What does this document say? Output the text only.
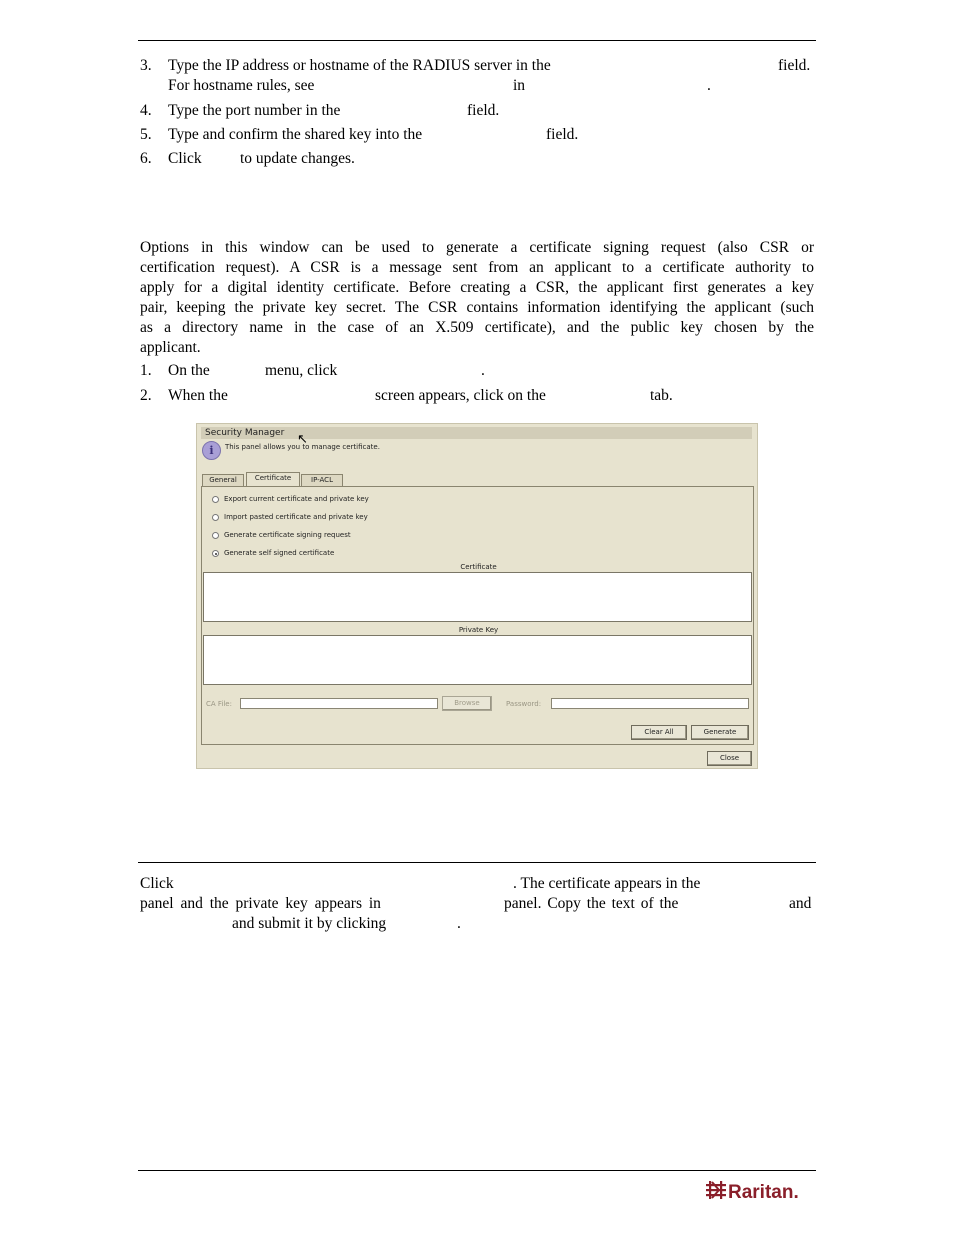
3. Type the IP address or hostname of the RADIUS server in the	field.
For hostname rules, see	in	.
4. Type the port number in the	field.
5. Type and confirm the shared key into the	field.
6. Click to update changes.
Options in this window can be used to generate a certificate signing request (also CSR or
certification request). A CSR is a message sent from an applicant to a certificate authority to
apply for a digital identity certificate. Before creating a CSR, the applicant first generates a key
pair, keeping the private key secret. The CSR contains information identifying the applicant (such
as a directory name in the case of an X.509 certificate), and the public key chosen by the
applicant.
1. On the	menu, click	.
2. When the	screen appears, click on the	tab.
Security Manager ↖
i	This panel allows you to manage certificate.
General	Certificate	IP-ACL
Export current certificate and private key
Import pasted certificate and private key
Generate certificate signing request
Generate self signed certificate
Certificate
Private Key
CA File:	Browse	Password:
Clear All	Generate
Close
Click	. The certificate appears in the
panel and the private key appears in	panel. Copy the text of the	and
and submit it by clicking	.
Raritan.
